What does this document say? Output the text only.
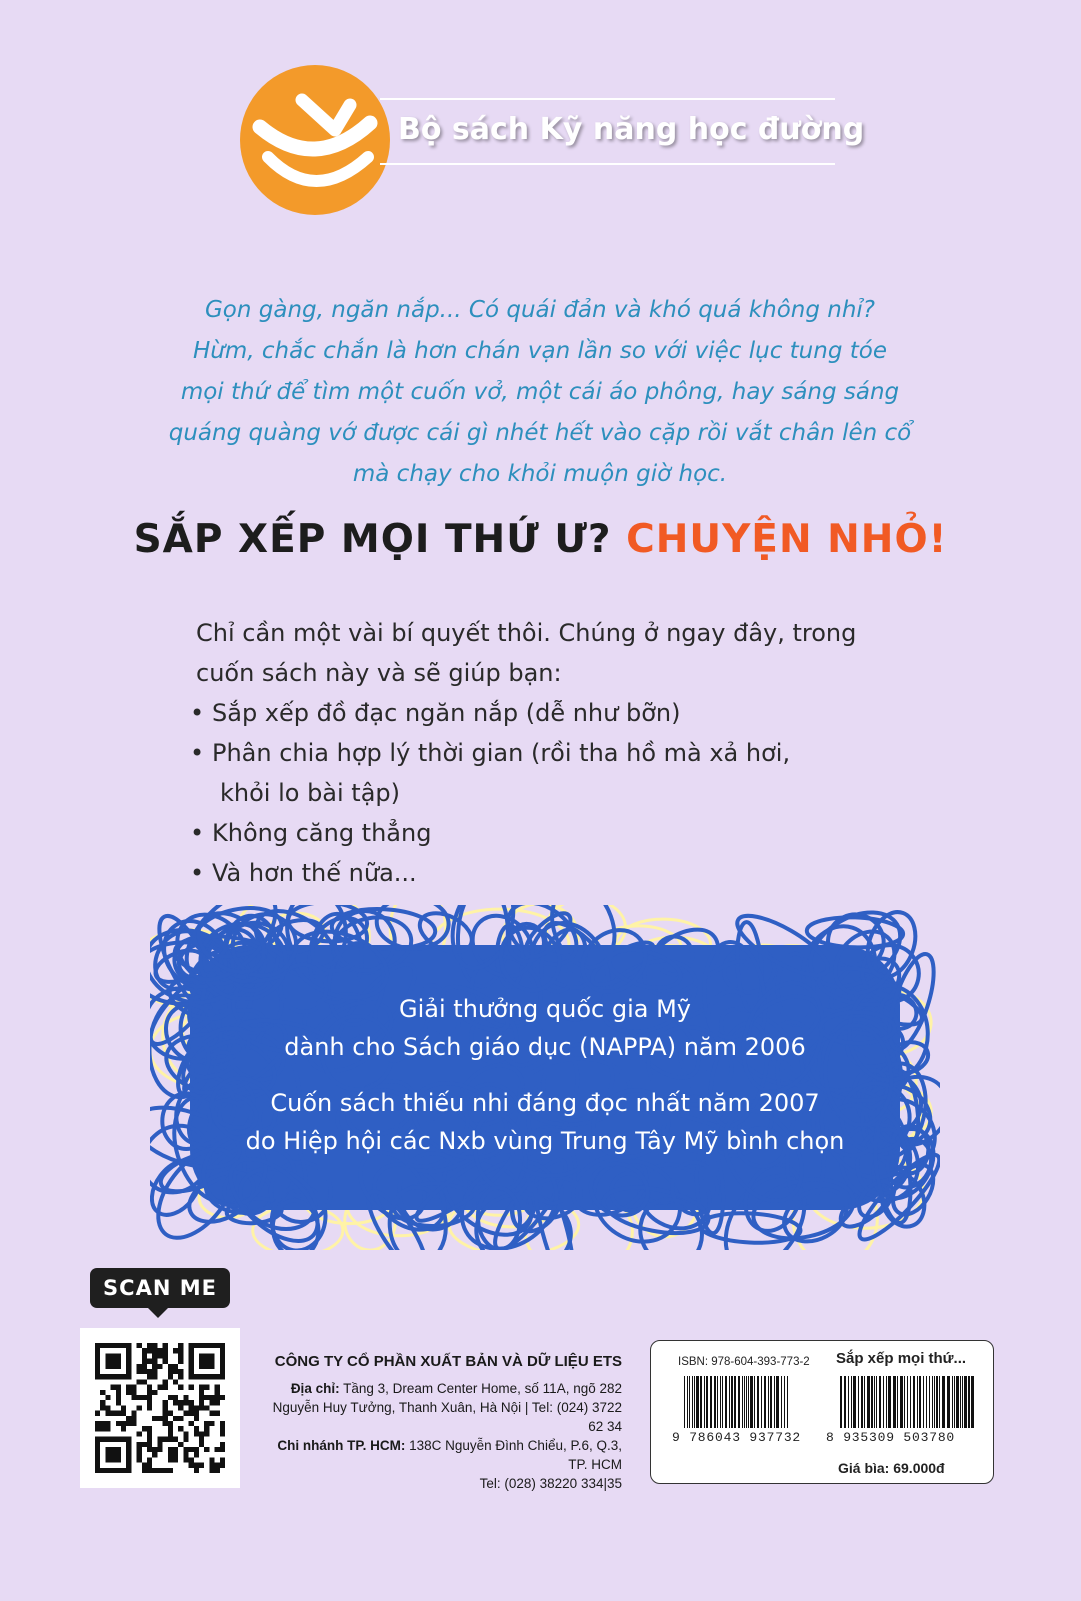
Bộ sách Kỹ năng học đường
Gọn gàng, ngăn nắp... Có quái đản và khó quá không nhỉ?
Hừm, chắc chắn là hơn chán vạn lần so với việc lục tung tóe
mọi thứ để tìm một cuốn vở, một cái áo phông, hay sáng sáng
quáng quàng vớ được cái gì nhét hết vào cặp rồi vắt chân lên cổ
mà chạy cho khỏi muộn giờ học.
SẮP XẾP MỌI THỨ Ư? CHUYỆN NHỎ!
Chỉ cần một vài bí quyết thôi. Chúng ở ngay đây, trong
cuốn sách này và sẽ giúp bạn:
• Sắp xếp đồ đạc ngăn nắp (dễ như bỡn)
• Phân chia hợp lý thời gian (rồi tha hồ mà xả hơi,
khỏi lo bài tập)
• Không căng thẳng
• Và hơn thế nữa...

Giải thưởng quốc gia Mỹ
dành cho Sách giáo dục (NAPPA) năm 2006

Cuốn sách thiếu nhi đáng đọc nhất năm 2007
do Hiệp hội các Nxb vùng Trung Tây Mỹ bình chọn

SCAN ME
CÔNG TY CỔ PHẦN XUẤT BẢN VÀ DỮ LIỆU ETS
Địa chỉ: Tầng 3, Dream Center Home, số 11A, ngõ 282
Nguyễn Huy Tưởng, Thanh Xuân, Hà Nội | Tel: (024) 3722 62 34
Chi nhánh TP. HCM: 138C Nguyễn Đình Chiểu, P.6, Q.3, TP. HCM
Tel: (028) 38220 334|35
ISBN: 978-604-393-773-2 Sắp xếp mọi thứ...
9 786043 937732 8 935309 503780
Giá bìa: 69.000đ
